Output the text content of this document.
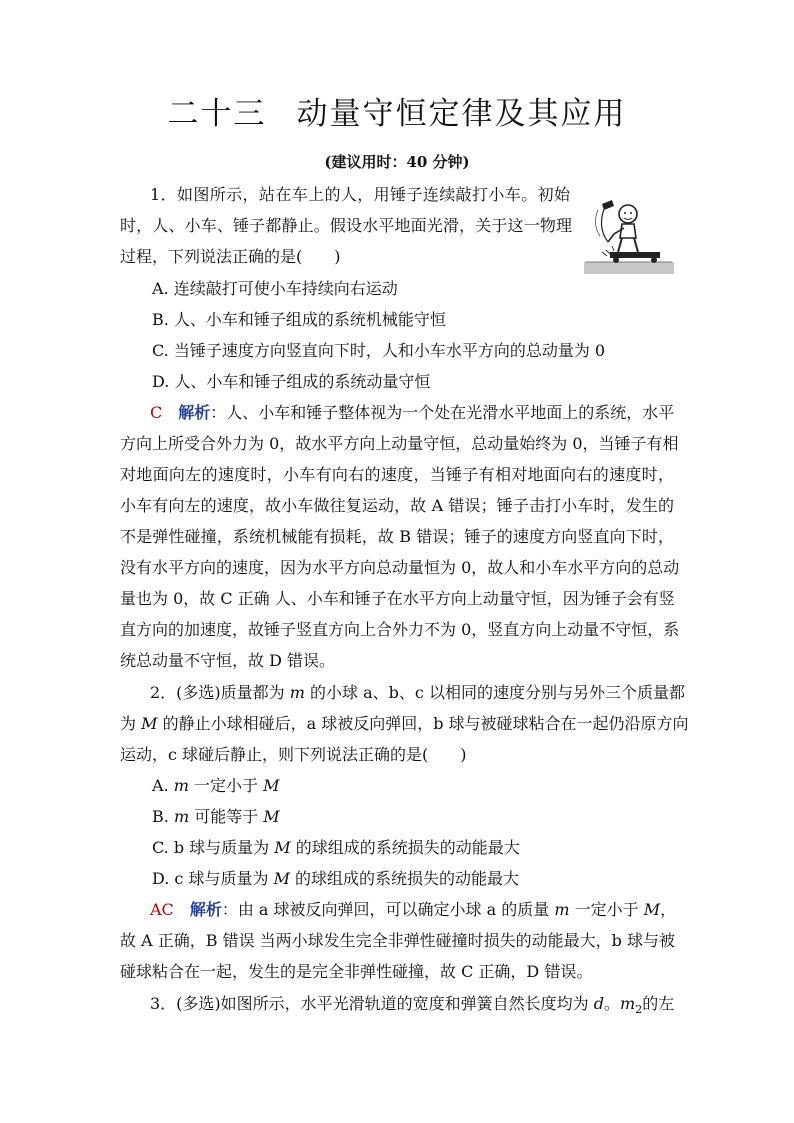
二十三 动量守恒定律及其应用
(建议用时：40 分钟)
1．如图所示，站在车上的人，用锤子连续敲打小车。初始
时，人、小车、锤子都静止。假设水平地面光滑，关于这一物理
过程，下列说法正确的是(　　)
A. 连续敲打可使小车持续向右运动
B. 人、小车和锤子组成的系统机械能守恒
C. 当锤子速度方向竖直向下时，人和小车水平方向的总动量为 0
D. 人、小车和锤子组成的系统动量守恒
C　 解析：人、小车和锤子整体视为一个处在光滑水平地面上的系统，水平
方向上所受合外力为 0，故水平方向上动量守恒，总动量始终为 0，当锤子有相
对地面向左的速度时，小车有向右的速度，当锤子有相对地面向右的速度时，
小车有向左的速度，故小车做往复运动，故 A 错误；锤子击打小车时，发生的
不是弹性碰撞，系统机械能有损耗，故 B 错误；锤子的速度方向竖直向下时，
没有水平方向的速度，因为水平方向总动量恒为 0，故人和小车水平方向的总动
量也为 0，故 C 正确 人、小车和锤子在水平方向上动量守恒，因为锤子会有竖
直方向的加速度，故锤子竖直方向上合外力不为 0，竖直方向上动量不守恒，系
统总动量不守恒，故 D 错误。
2．(多选)质量都为 m 的小球 a、b、c 以相同的速度分别与另外三个质量都
为 M 的静止小球相碰后，a 球被反向弹回，b 球与被碰球粘合在一起仍沿原方向
运动，c 球碰后静止，则下列说法正确的是(　　)
A. m 一定小于 M
B. m 可能等于 M
C. b 球与质量为 M 的球组成的系统损失的动能最大
D. c 球与质量为 M 的球组成的系统损失的动能最大
AC　 解析：由 a 球被反向弹回，可以确定小球 a 的质量 m 一定小于 M，
故 A 正确，B 错误 当两小球发生完全非弹性碰撞时损失的动能最大，b 球与被
碰球粘合在一起，发生的是完全非弹性碰撞，故 C 正确，D 错误。
3．(多选)如图所示，水平光滑轨道的宽度和弹簧自然长度均为 d。$m_2$的左
